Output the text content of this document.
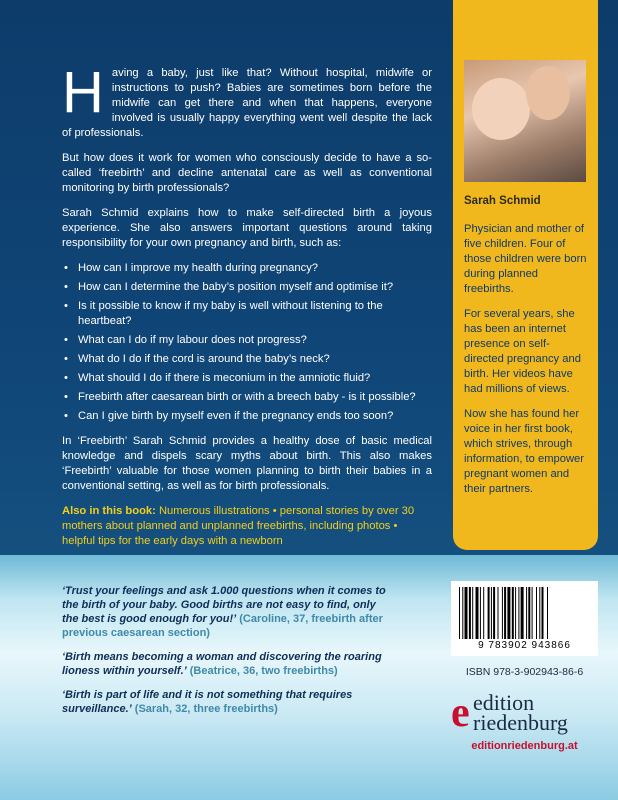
Having a baby, just like that? Without hospital, midwife or instructions to push? Babies are sometimes born before the midwife can get there and when that happens, everyone involved is usually happy everything went well despite the lack of professionals.

But how does it work for women who consciously decide to have a so-called ‘freebirth’ and decline antenatal care as well as conventional monitoring by birth professionals?

Sarah Schmid explains how to make self-directed birth a joyous experience. She also answers important questions around taking responsibility for your own pregnancy and birth, such as:

• How can I improve my health during pregnancy?
• How can I determine the baby’s position myself and optimise it?
• Is it possible to know if my baby is well without listening to the heartbeat?
• What can I do if my labour does not progress?
• What do I do if the cord is around the baby’s neck?
• What should I do if there is meconium in the amniotic fluid?
• Freebirth after caesarean birth or with a breech baby - is it possible?
• Can I give birth by myself even if the pregnancy ends too soon?

In ‘Freebirth’ Sarah Schmid provides a healthy dose of basic medical knowledge and dispels scary myths about birth. This also makes ‘Freebirth’ valuable for those women planning to birth their babies in a conventional setting, as well as for birth professionals.

Also in this book: Numerous illustrations • personal stories by over 30 mothers about planned and unplanned freebirths, including photos • helpful tips for the early days with a newborn
Sarah Schmid

Physician and mother of five children. Four of those children were born during planned freebirths.

For several years, she has been an internet presence on self-directed pregnancy and birth. Her videos have had millions of views.

Now she has found her voice in her first book, which strives, through information, to empower pregnant women and their partners.

‘Trust your feelings and ask 1.000 questions when it comes to the birth of your baby. Good births are not easy to find, only the best is good enough for you!’ (Caroline, 37, freebirth after previous caesarean section)
‘Birth means becoming a woman and discovering the roaring lioness within yourself.’ (Beatrice, 36, two freebirths)
‘Birth is part of life and it is not something that requires surveillance.’ (Sarah, 32, three freebirths)
9 783902 943866
ISBN 978-3-902943-86-6
e edition
riedenburg
editionriedenburg.at
